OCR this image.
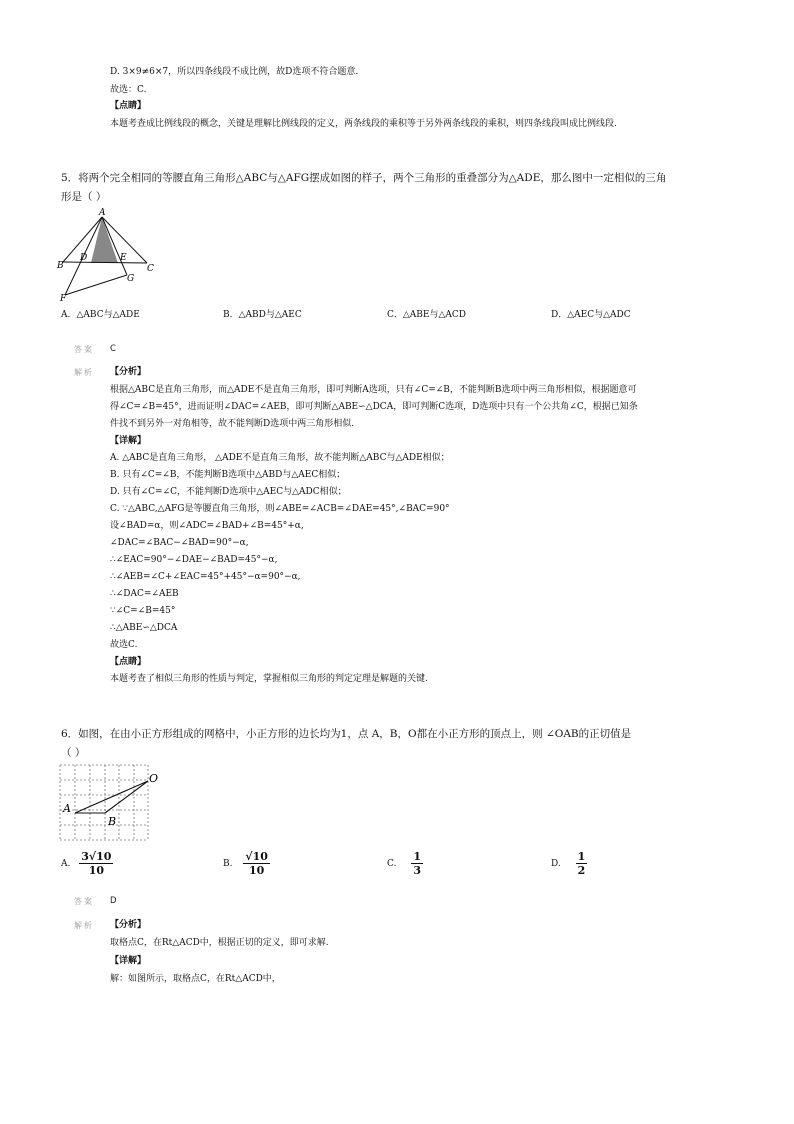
D. 3×9≠6×7，所以四条线段不成比例，故D选项不符合题意.
故选：C.
【点睛】
本题考查成比例线段的概念，关键是理解比例线段的定义，两条线段的乘积等于另外两条线段的乘积，则四条线段叫成比例线段.
5．将两个完全相同的等腰直角三角形△ABC与△AFG摆成如图的样子，两个三角形的重叠部分为△ADE，那么图中一定相似的三角
形是（ ）
A
B
D	E
C
G
F
A．△ABC与△ADE	B．△ABD与△AEC	C．△ABE与△ACD	D．△AEC与△ADC
答案 C
解析 【分析】
根据△ABC是直角三角形，而△ADE不是直角三角形，即可判断A选项，只有∠C=∠B，不能判断B选项中两三角形相似，根据题意可
得∠C=∠B=45°，进而证明∠DAC=∠AEB，即可判断△ABE∽△DCA，即可判断C选项，D选项中只有一个公共角∠C，根据已知条
件找不到另外一对角相等，故不能判断D选项中两三角形相似.
【详解】
A. △ABC是直角三角形， △ADE不是直角三角形，故不能判断△ABC与△ADE相似；
B. 只有∠C=∠B，不能判断B选项中△ABD与△AEC相似；
D. 只有∠C=∠C，不能判断D选项中△AEC与△ADC相似；
C. ∵△ABC,△AFG是等腰直角三角形，则∠ABE=∠ACB=∠DAE=45°,∠BAC=90°
设∠BAD=α，则∠ADC=∠BAD+∠B=45°+α,
∠DAC=∠BAC−∠BAD=90°−α,
∴∠EAC=90°−∠DAE−∠BAD=45°−α,
∴∠AEB=∠C+∠EAC=45°+45°−α=90°−α,
∴∠DAC=∠AEB
∵∠C=∠B=45°
∴△ABE∽△DCA
故选C.
【点睛】
本题考查了相似三角形的性质与判定，掌握相似三角形的判定定理是解题的关键.
6．如图，在由小正方形组成的网格中，小正方形的边长均为1，点 A，B，O都在小正方形的顶点上，则 ∠OAB的正切值是
（ ）
O
A
B
A. $\frac{3√10}{10}$	B. $\frac{√10}{10}$	C. $\frac{1}{3}$	D. $\frac{1}{2}$
答案 D
解析 【分析】
取格点C，在Rt△ACD中，根据正切的定义，即可求解.
【详解】
解：如图所示，取格点C，在Rt△ACD中，
